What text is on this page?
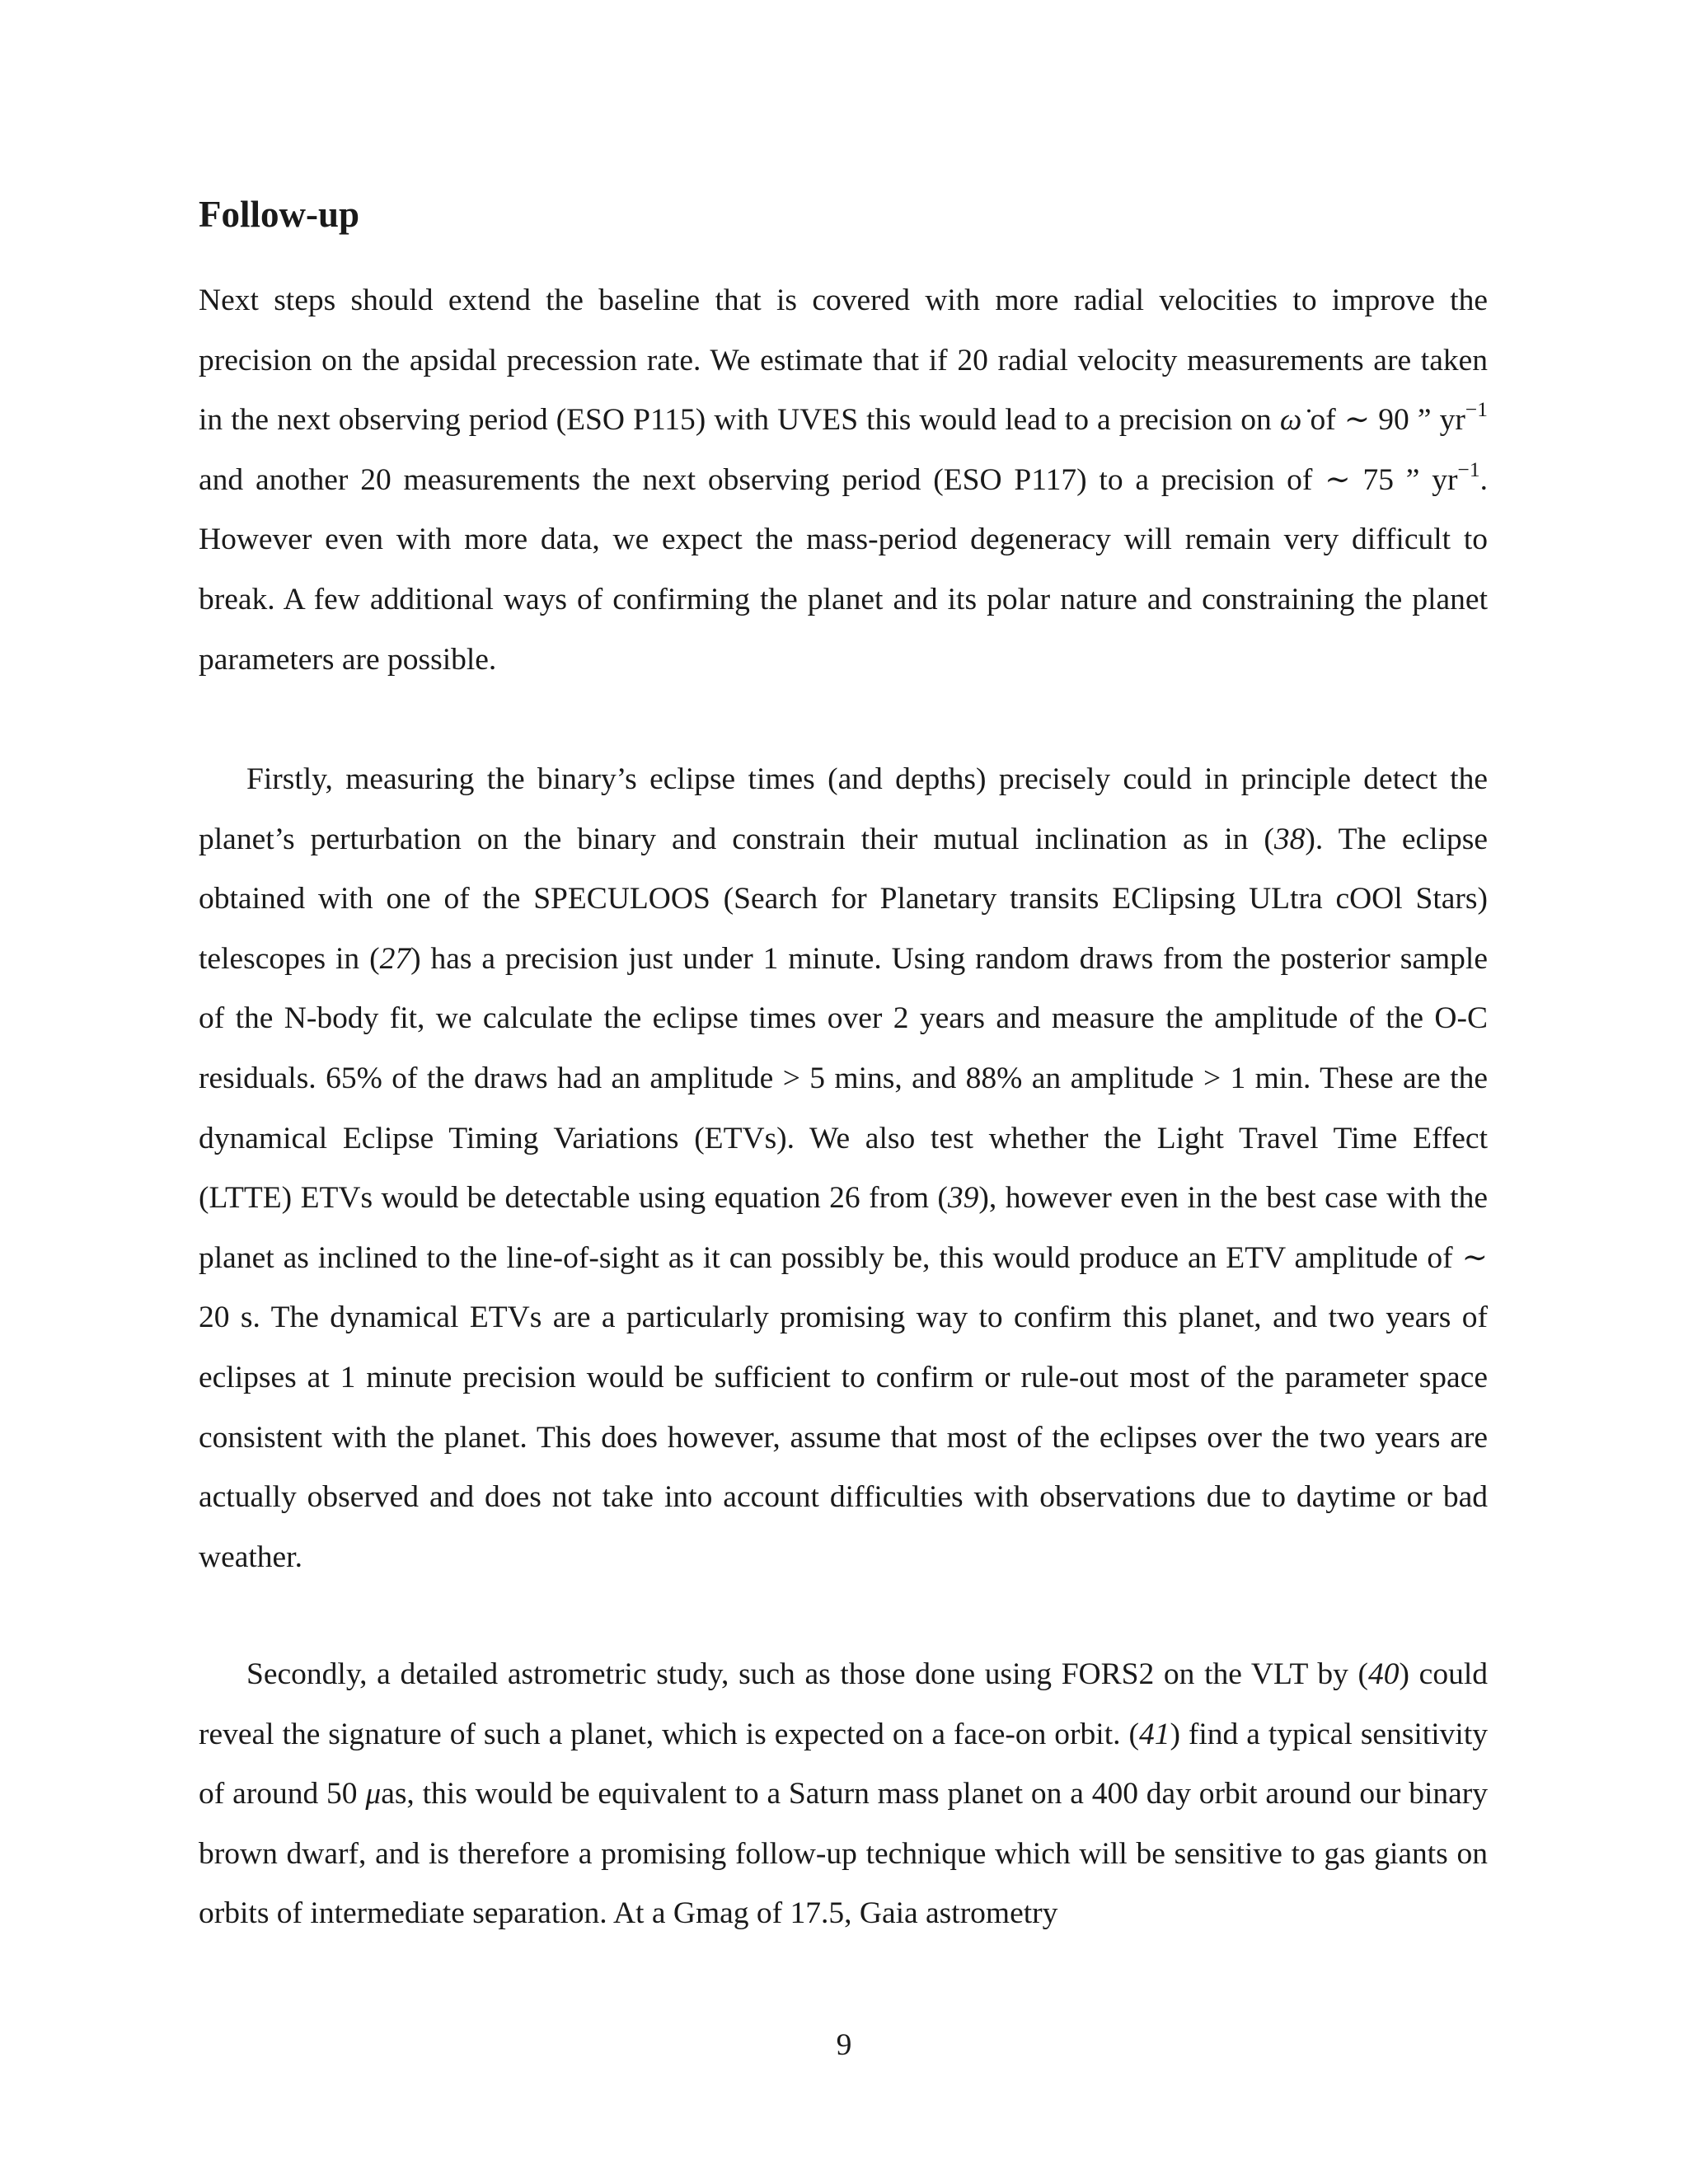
Follow-up

Next steps should extend the baseline that is covered with more radial velocities to improve the precision on the apsidal precession rate. We estimate that if 20 radial velocity measurements are taken in the next observing period (ESO P115) with UVES this would lead to a precision on ω̇ of ∼ 90 ” $yr^{-1}$ and another 20 measurements the next observing period (ESO P117) to a precision of ∼ 75 ” $yr^{-1}$. However even with more data, we expect the mass-period degeneracy will remain very difficult to break. A few additional ways of confirming the planet and its polar nature and constraining the planet parameters are possible.

Firstly, measuring the binary’s eclipse times (and depths) precisely could in principle detect the planet’s perturbation on the binary and constrain their mutual inclination as in (38). The eclipse obtained with one of the SPECULOOS (Search for Planetary transits EClipsing ULtra cOOl Stars) telescopes in (27) has a precision just under 1 minute. Using random draws from the posterior sample of the N-body fit, we calculate the eclipse times over 2 years and measure the amplitude of the O-C residuals. 65% of the draws had an amplitude > 5 mins, and 88% an amplitude > 1 min. These are the dynamical Eclipse Timing Variations (ETVs). We also test whether the Light Travel Time Effect (LTTE) ETVs would be detectable using equation 26 from (39), however even in the best case with the planet as inclined to the line-of-sight as it can possibly be, this would produce an ETV amplitude of ∼ 20 s. The dynamical ETVs are a particularly promising way to confirm this planet, and two years of eclipses at 1 minute precision would be sufficient to confirm or rule-out most of the parameter space consistent with the planet. This does however, assume that most of the eclipses over the two years are actually observed and does not take into account difficulties with observations due to daytime or bad weather.

Secondly, a detailed astrometric study, such as those done using FORS2 on the VLT by (40) could reveal the signature of such a planet, which is expected on a face-on orbit. (41) find a typical sensitivity of around 50 μas, this would be equivalent to a Saturn mass planet on a 400 day orbit around our binary brown dwarf, and is therefore a promising follow-up technique which will be sensitive to gas giants on orbits of intermediate separation. At a Gmag of 17.5, Gaia astrometry

9
